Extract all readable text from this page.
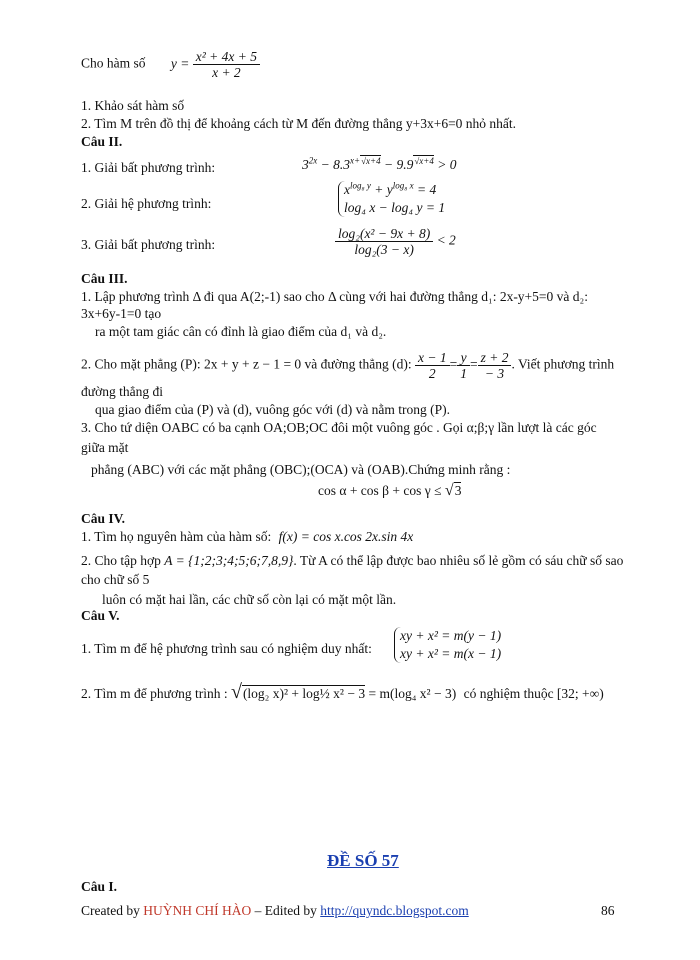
Cho hàm số $y = \frac{\text{x² + 4x + 5}}{x + 2}$
1. Khảo sát hàm số
2. Tìm M trên đồ thị để khoảng cách từ M đến đường thẳng y+3x+6=0 nhỏ nhất.
Câu II.
1. Giải bất phương trình:	$3^{2x} - 8.3^{x+√x+4} - 9.9^{√x+4} > 0$
2. Giải hệ phương trình:
$x^{log_8 y} + y^{log_8 x} = 4$
log₄ x − log₄ y = 1
3. Giải bất phương trình:	$\frac{\text{log₂(x² − 9x + 8)}}{\text{log₂(3 − x)}} < 2$
Câu III.
1. Lập phương trình Δ đi qua A(2;-1) sao cho Δ cùng với hai đường thẳng d₁: 2x-y+5=0 và d₂:
3x+6y-1=0 tạo
ra một tam giác cân có đỉnh là giao điểm của d₁ và d₂.
2. Cho mặt phẳng (P): 2x + y + z − 1 = 0 và đường thẳng (d): $\frac{x - 1}{2} = \frac{y}{1} = \frac{z + 2}{- 3}$ . Viết phương trình
đường thẳng đi
qua giao điểm của (P) và (d), vuông góc với (d) và nằm trong (P).
3. Cho tứ diện OABC có ba cạnh OA;OB;OC đôi một vuông góc . Gọi α;β;γ lần lượt là các góc
giữa mặt
phẳng (ABC) với các mặt phẳng (OBC);(OCA) và (OAB).Chứng minh rằng :
cos α + cos β + cos γ ≤ √3
Câu IV.
1. Tìm họ nguyên hàm của hàm số: f(x) = cos x.cos 2x.sin 4x
2. Cho tập hợp A = {1;2;3;4;5;6;7,8,9}. Từ A có thể lập được bao nhiêu số lẻ gồm có sáu chữ số sao
cho chữ số 5
luôn có mặt hai lần, các chữ số còn lại có mặt một lần.
Câu V.
1. Tìm m để hệ phương trình sau có nghiệm duy nhất:
xy + x² = m(y − 1)
xy + x² = m(x − 1)
2. Tìm m để phương trình : √(log₂ x)² + log½ x² − 3 = m(log₄ x² − 3) có nghiệm thuộc [32; +∞)
ĐỀ SỐ 57
Câu I.
Created by HUỲNH CHÍ HÀO – Edited by http://quyndc.blogspot.com	86
